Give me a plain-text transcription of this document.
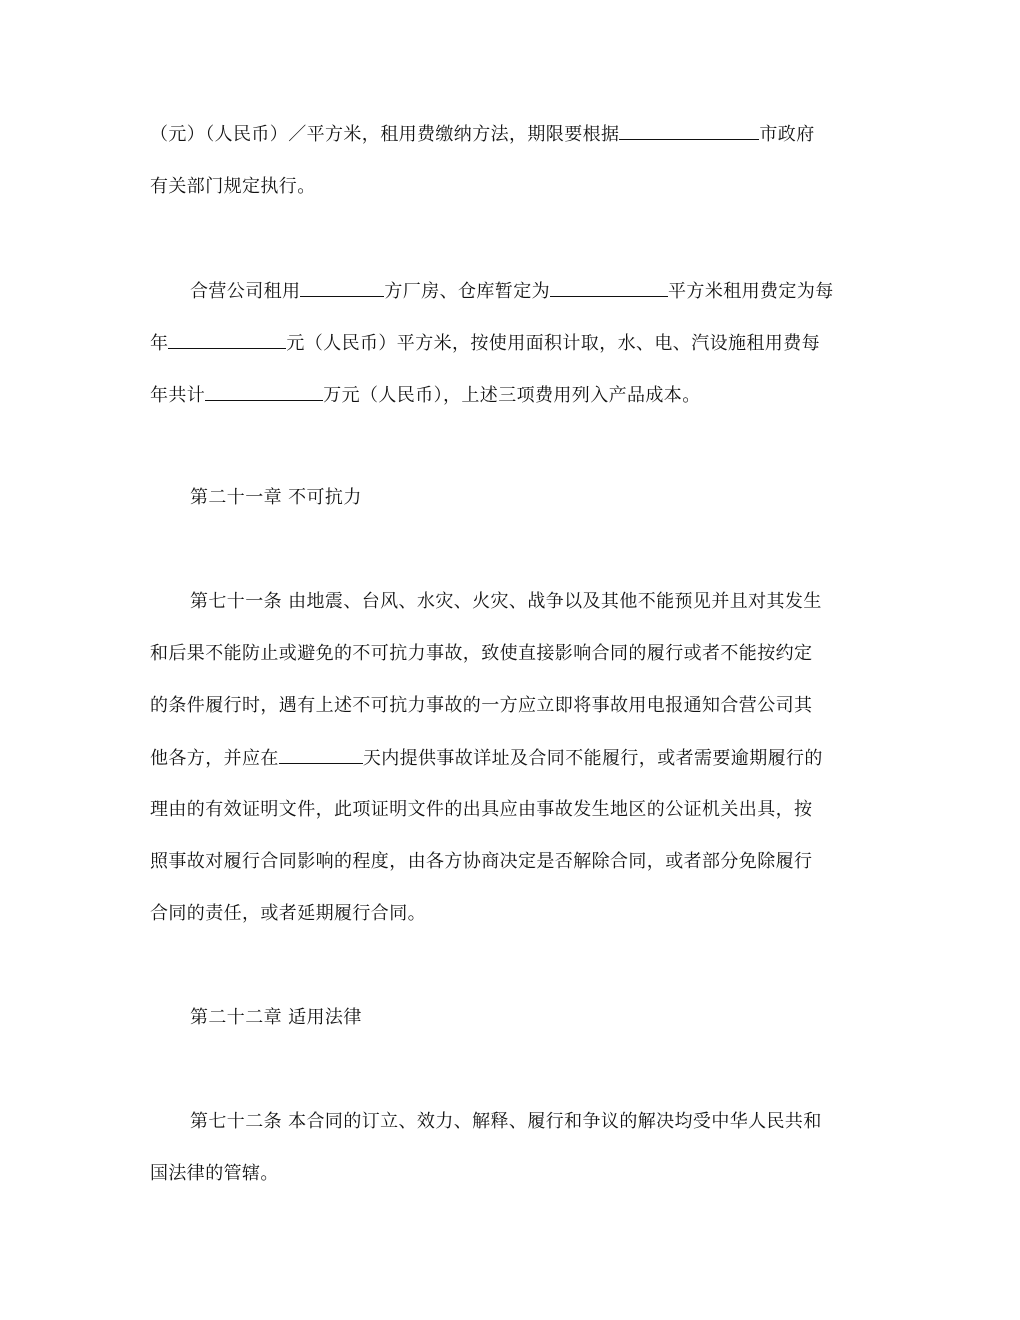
（元）（人民币）／平方米，租用费缴纳方法，期限要根据	市政府
有关部门规定执行。
合营公司租用	方厂房、仓库暂定为	平方米租用费定为每
年	元（人民币）平方米，按使用面积计取，水、电、汽设施租用费每
年共计	万元（人民币），上述三项费用列入产品成本。
第二十一章 不可抗力
第七十一条 由地震、台风、水灾、火灾、战争以及其他不能预见并且对其发生
和后果不能防止或避免的不可抗力事故，致使直接影响合同的履行或者不能按约定
的条件履行时，遇有上述不可抗力事故的一方应立即将事故用电报通知合营公司其
他各方，并应在	天内提供事故详址及合同不能履行，或者需要逾期履行的
理由的有效证明文件，此项证明文件的出具应由事故发生地区的公证机关出具，按
照事故对履行合同影响的程度，由各方协商决定是否解除合同，或者部分免除履行
合同的责任，或者延期履行合同。
第二十二章 适用法律
第七十二条 本合同的订立、效力、解释、履行和争议的解决均受中华人民共和
国法律的管辖。
